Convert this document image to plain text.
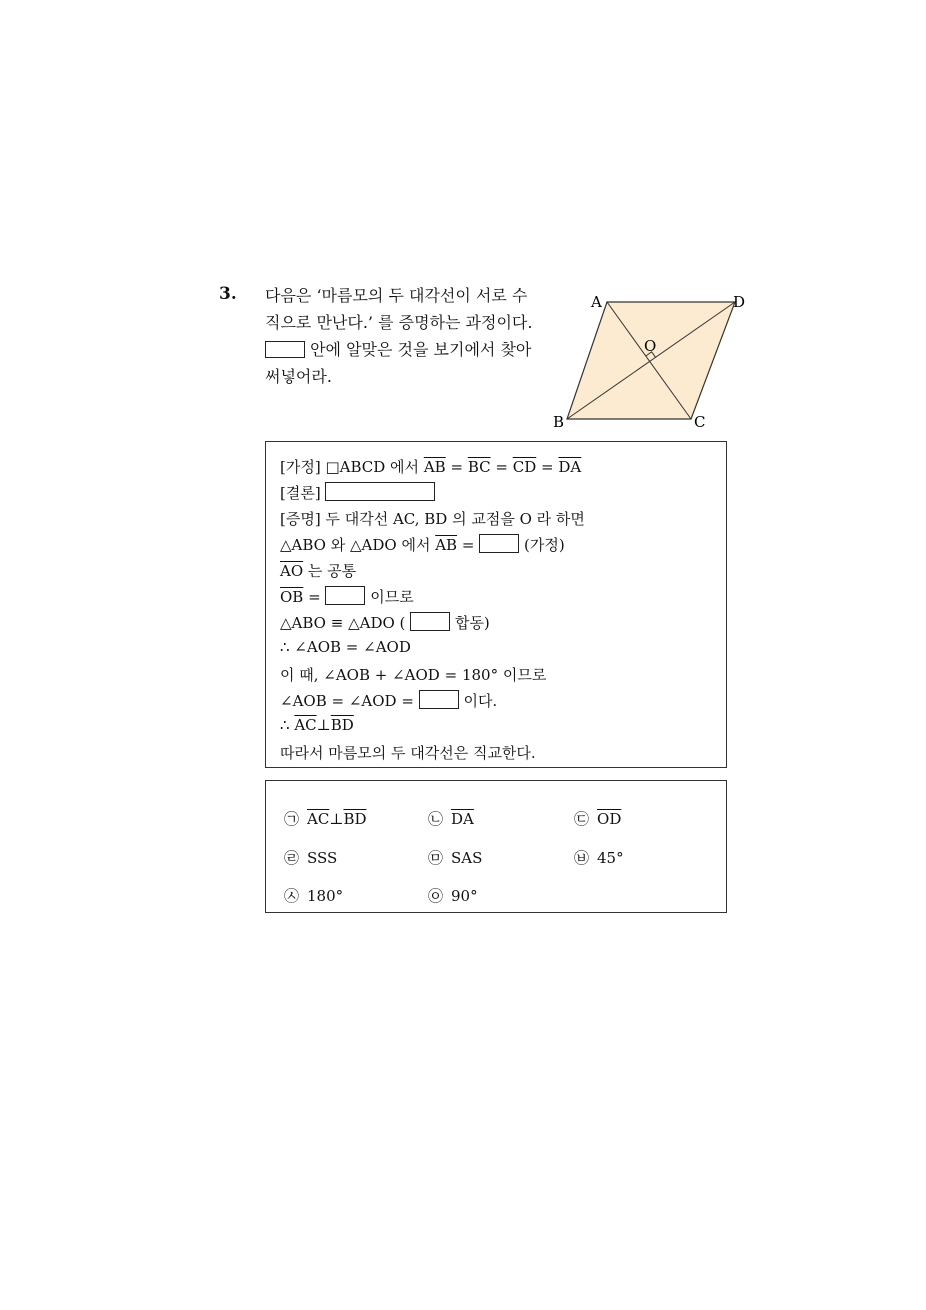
3. 다음은 ‘마름모의 두 대각선이 서로 수
직으로 만난다.’ 를 증명하는 과정이다.
안에 알맞은 것을 보기에서 찾아
써넣어라.
A	D
O
B	C
[가정] □ABCD 에서 $\overline{AB} = \overline{BC} = \overline{CD} = \overline{DA}$
[결론]
[증명] 두 대각선 AC, BD 의 교점을 O 라 하면
△ABO 와 △ADO 에서 $\overline{AB}$ =	(가정)
$\overline{AO}$ 는 공통
$\overline{OB}$ =	이므로
△ABO ≡ △ADO (	합동)
∴ ∠AOB = ∠AOD
이 때, ∠AOB + ∠AOD = 180° 이므로
∠AOB = ∠AOD =	이다.
∴ $\overline{AC}\perp\overline{BD}$
따라서 마름모의 두 대각선은 직교한다.
㉠ $\overline{AC}\perp\overline{BD}$	㉡ $\overline{DA}$	㉢ $\overline{OD}$
㉣ SSS	㉤ SAS	㉥ 45°
㉦ 180°	㉧ 90°
